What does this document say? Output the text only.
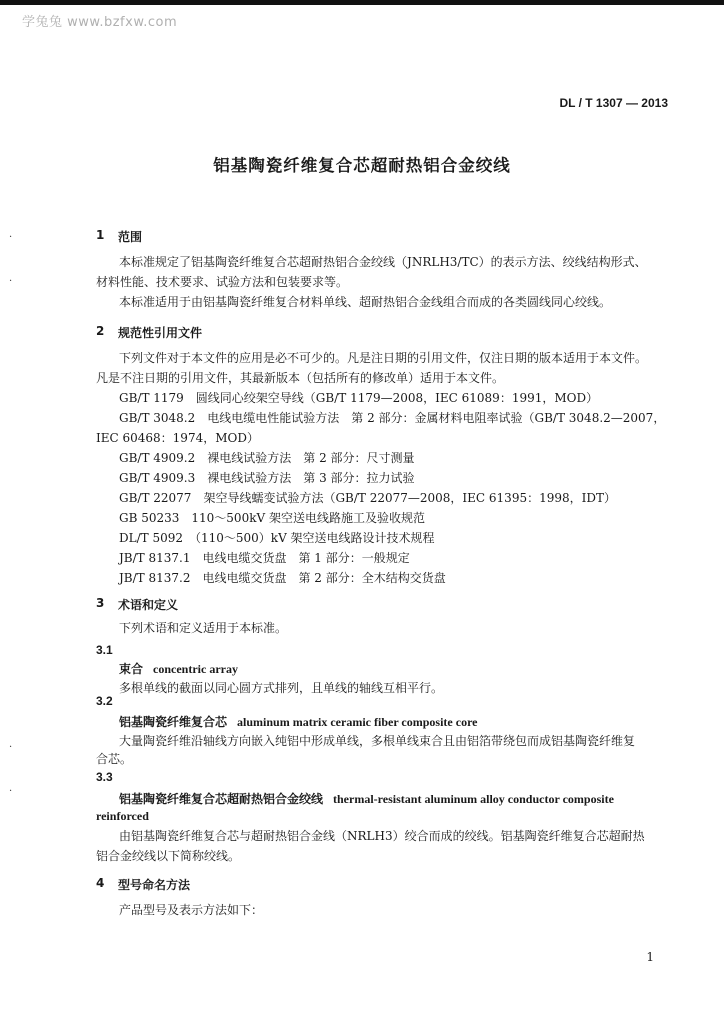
学兔兔 www.bzfxw.com
DL / T 1307 — 2013
铝基陶瓷纤维复合芯超耐热铝合金绞线
·
·
·
·
1 范围
本标准规定了铝基陶瓷纤维复合芯超耐热铝合金绞线（JNRLH3/TC）的表示方法、绞线结构形式、
材料性能、技术要求、试验方法和包装要求等。
本标准适用于由铝基陶瓷纤维复合材料单线、超耐热铝合金线组合而成的各类圆线同心绞线。
2 规范性引用文件
下列文件对于本文件的应用是必不可少的。凡是注日期的引用文件，仅注日期的版本适用于本文件。
凡是不注日期的引用文件，其最新版本（包括所有的修改单）适用于本文件。
GB/T 1179　圆线同心绞架空导线（GB/T 1179—2008，IEC 61089：1991，MOD）
GB/T 3048.2　电线电缆电性能试验方法　第 2 部分：金属材料电阻率试验（GB/T 3048.2—2007，
IEC 60468：1974，MOD）
GB/T 4909.2　裸电线试验方法　第 2 部分：尺寸测量
GB/T 4909.3　裸电线试验方法　第 3 部分：拉力试验
GB/T 22077　架空导线蠕变试验方法（GB/T 22077—2008，IEC 61395：1998，IDT）
GB 50233　110～500kV 架空送电线路施工及验收规范
DL/T 5092　（110～500）kV 架空送电线路设计技术规程
JB/T 8137.1　电线电缆交货盘　第 1 部分：一般规定
JB/T 8137.2　电线电缆交货盘　第 2 部分：全木结构交货盘
3 术语和定义
下列术语和定义适用于本标准。
3.1
束合 concentric array
多根单线的截面以同心圆方式排列，且单线的轴线互相平行。
3.2
铝基陶瓷纤维复合芯 aluminum matrix ceramic fiber composite core
大量陶瓷纤维沿轴线方向嵌入纯铝中形成单线，多根单线束合且由铝箔带绕包而成铝基陶瓷纤维复
合芯。
3.3
铝基陶瓷纤维复合芯超耐热铝合金绞线 thermal-resistant aluminum alloy conductor composite
reinforced
由铝基陶瓷纤维复合芯与超耐热铝合金线（NRLH3）绞合而成的绞线。铝基陶瓷纤维复合芯超耐热
铝合金绞线以下简称绞线。
4 型号命名方法
产品型号及表示方法如下：
1
